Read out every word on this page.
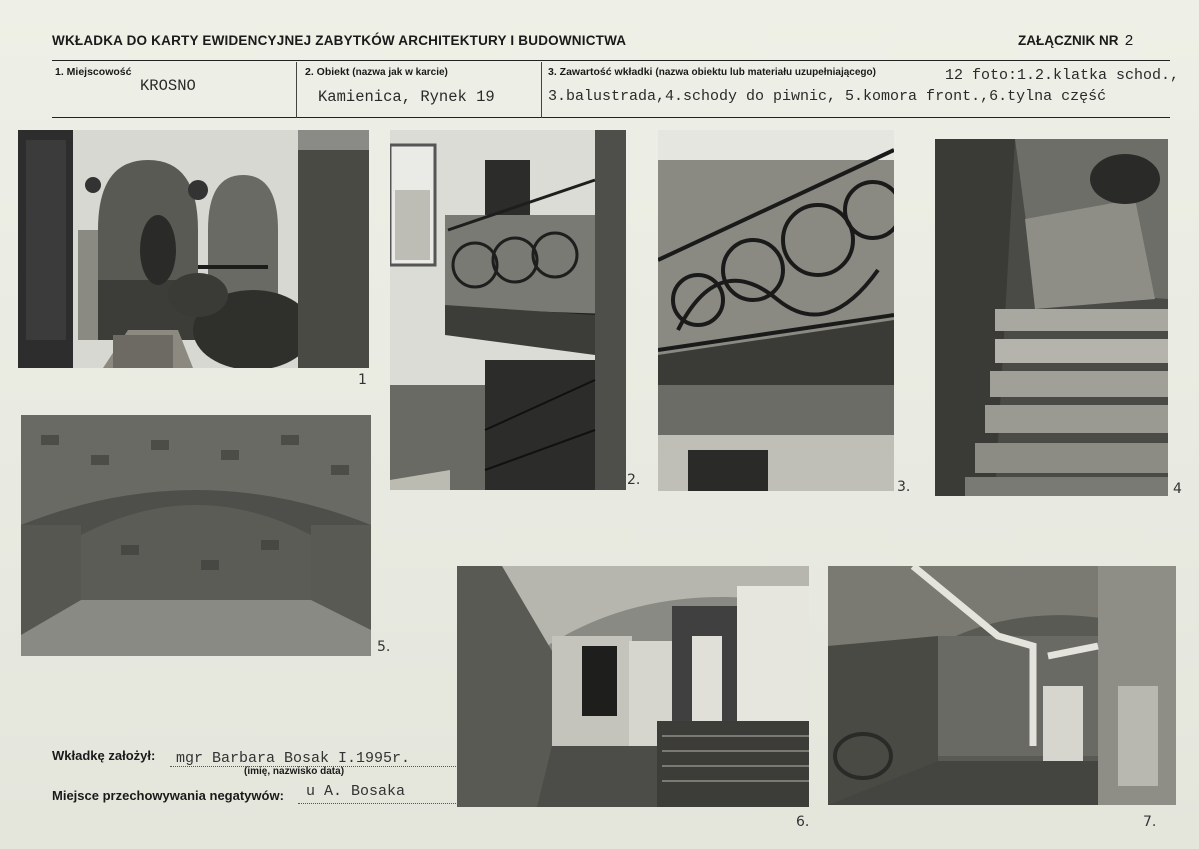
WKŁADKA DO KARTY EWIDENCYJNEJ ZABYTKÓW ARCHITEKTURY I BUDOWNICTWA	ZAŁĄCZNIK NR 2
1. Miejscowość
KROSNO
2. Obiekt (nazwa jak w karcie)
Kamienica, Rynek 19
3. Zawartość wkładki (nazwa obiektu lub materiału uzupełniającego)	12 foto:1.2.klatka schod.,
3.balustrada,4.schody do piwnic, 5.komora front.,6.tylna część
1
2.	3.	4
5.
6.	7.
Wkładkę założył: mgr Barbara Bosak I.1995r.
(imię, nazwisko data)
Miejsce przechowywania negatywów: u A. Bosaka
